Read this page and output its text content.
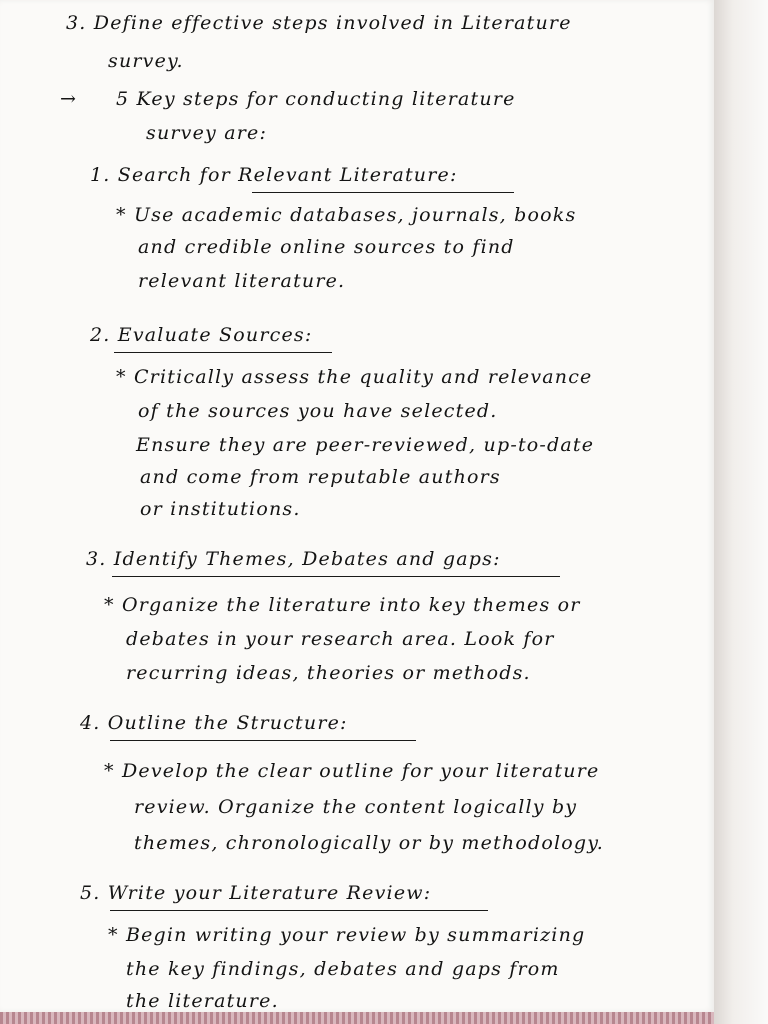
3. Define effective steps involved in Literature
survey.
→ 5 Key steps for conducting literature
survey are:
1. Search for Relevant Literature:
* Use academic databases, journals, books
and credible online sources to find
relevant literature.
2. Evaluate Sources:
* Critically assess the quality and relevance
of the sources you have selected.
Ensure they are peer-reviewed, up-to-date
and come from reputable authors
or institutions.
3. Identify Themes, Debates and gaps:
* Organize the literature into key themes or
debates in your research area. Look for
recurring ideas, theories or methods.
4. Outline the Structure:
* Develop the clear outline for your literature
review. Organize the content logically by
themes, chronologically or by methodology.
5. Write your Literature Review:
* Begin writing your review by summarizing
the key findings, debates and gaps from
the literature.
